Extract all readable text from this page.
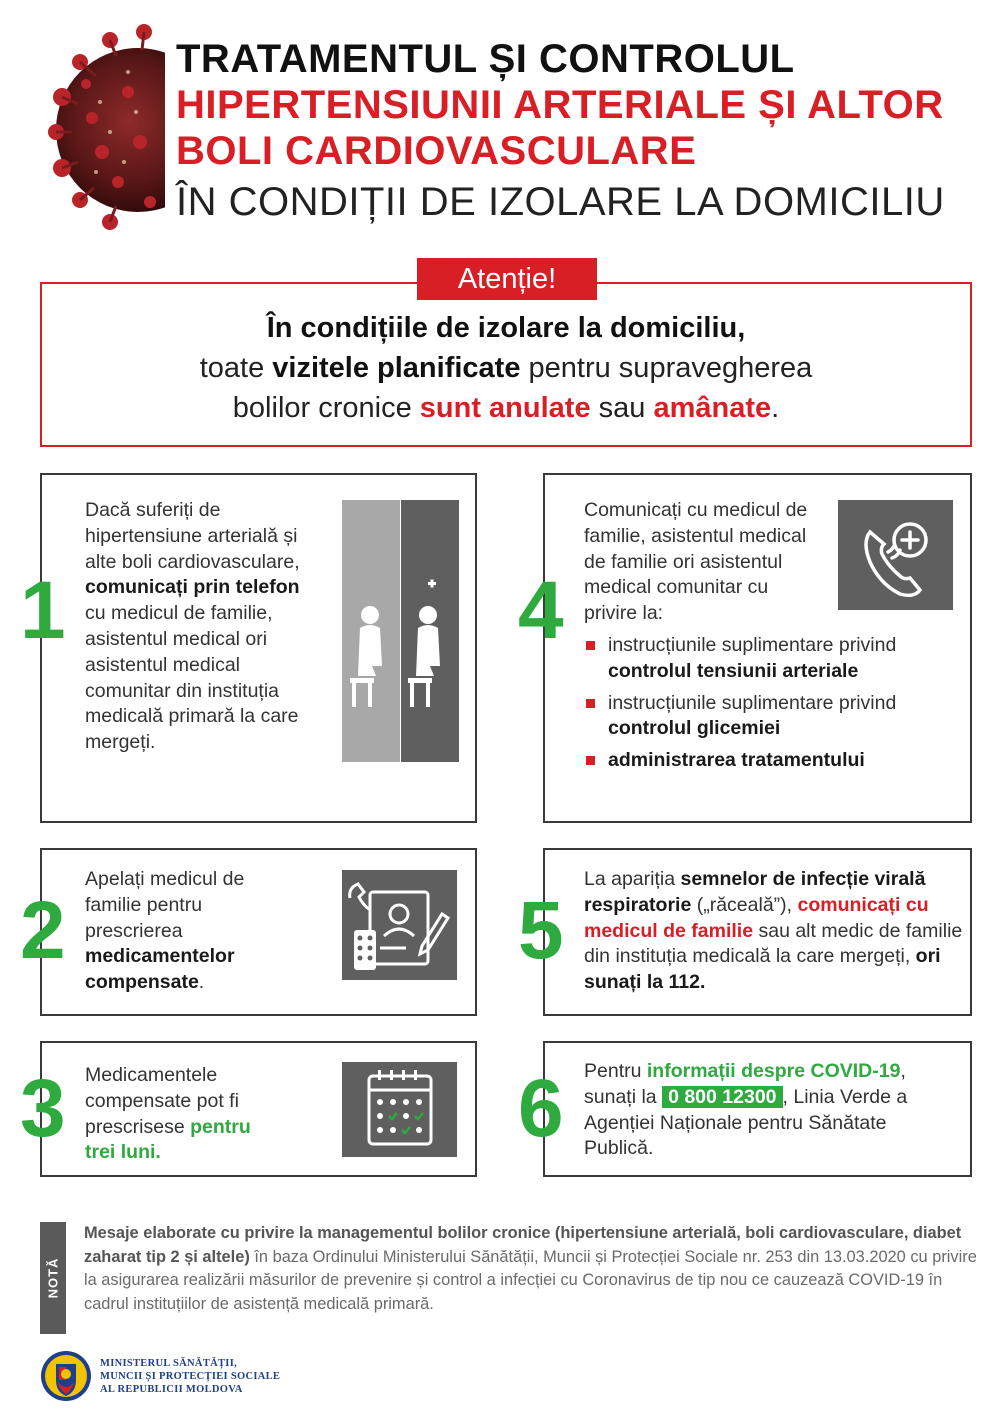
TRATAMENTUL ȘI CONTROLUL
HIPERTENSIUNII ARTERIALE ȘI ALTOR
BOLI CARDIOVASCULARE
ÎN CONDIȚII DE IZOLARE LA DOMICILIU
În condițiile de izolare la domiciliu,
toate vizitele planificate pentru supravegherea
bolilor cronice sunt anulate sau amânate.
Atenție!
1
Dacă suferiți de hipertensiune arterială și alte boli cardiovasculare, comunicați prin telefon cu medicul de familie, asistentul medical ori asistentul medical comunitar din instituția medicală primară la care mergeți.
2
Apelați medicul de familie pentru prescrierea medicamentelor compensate.
3 Medicamentele compensate pot fi prescrisese pentru trei luni.
4
Comunicați cu medicul de familie, asistentul medical de familie ori asistentul medical comunitar cu privire la:
instrucțiunile suplimentare privind controlul tensiunii arteriale
instrucțiunile suplimentare privind controlul glicemiei
administrarea tratamentului
5
La apariția semnelor de infecție virală respiratorie („răceală”), comunicați cu medicul de familie sau alt medic de familie din instituția medicală la care mergeți, ori sunați la 112.
6 Pentru informații despre COVID-19, sunați la 0 800 12300 , Linia Verde a Agenției Naționale pentru Sănătate Publică.
NOTĂ
Mesaje elaborate cu privire la managementul bolilor cronice (hipertensiune arterială, boli cardiovasculare, diabet zaharat tip 2 și altele) în baza Ordinului Ministerului Sănătății, Muncii și Protecției Sociale nr. 253 din 13.03.2020 cu privire la asigurarea realizării măsurilor de prevenire și control a infecției cu Coronavirus de tip nou ce cauzează COVID-19 în cadrul instituțiilor de asistență medicală primară.
MINISTERUL SĂNĂTĂȚII,
MUNCII ȘI PROTECȚIEI SOCIALE
AL REPUBLICII MOLDOVA
